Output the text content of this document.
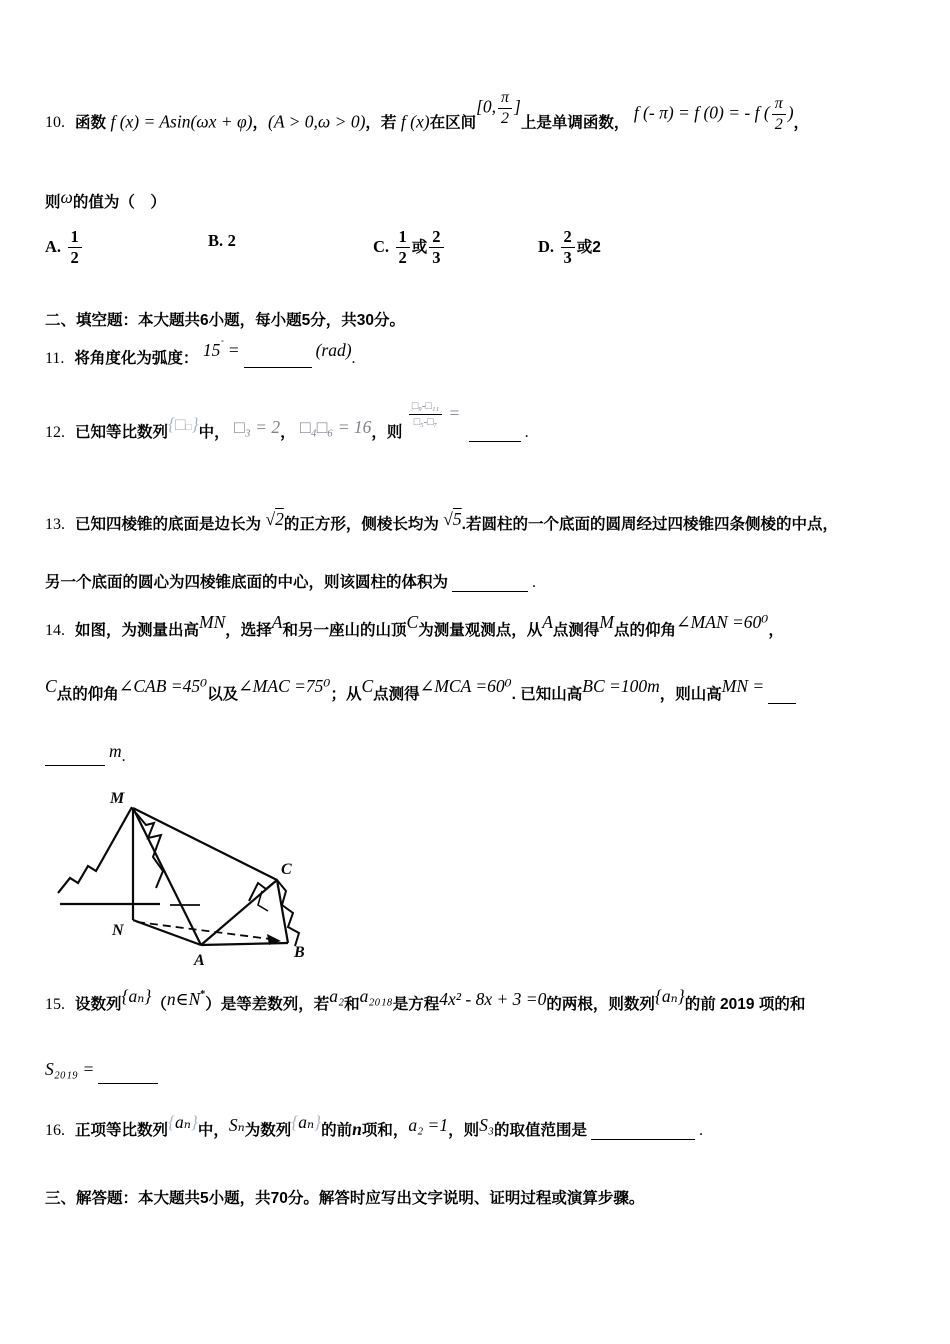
10. 函数 f (x) = Asin(ωx + φ)，(A > 0,ω > 0)，若 f (x)在区间[0, $\frac{\pi}{2}$ ]上是单调函数， f (- π) = f (0) = - f ( $\frac{\pi}{2}$ )，
则ω的值为（　）
A. $\frac{1}{2}$	B. 2	C. $\frac{1}{2}$ 或 $\frac{2}{3}$	D. $\frac{2}{3}$ 或2
二、填空题：本大题共6小题，每小题5分，共30分。
11. 将角度化为弧度： 15˚ =	(rad).
12. 已知等比数列{□□}中， □₃ = 2， □₄□₆ = 16，则
$\frac{\text{□₉-□₁₁}}{\text{□₅-□₇}}$ = .
13. 已知四棱锥的底面是边长为 √2的正方形，侧棱长均为 √5.若圆柱的一个底面的圆周经过四棱锥四条侧棱的中点，
另一个底面的圆心为四棱锥底面的中心，则该圆柱的体积为	.
14. 如图，为测量出高MN，选择A和另一座山的山顶C为测量观测点，从A点测得M点的仰角∠MAN =60⁰，
C点的仰角∠CAB =45⁰以及∠MAC =75⁰；从C点测得∠MCA =60⁰. 已知山高BC =100m，则山高MN =
m.
M
N
A	B
C
15. 设数列{aₙ}（n∈N*）是等差数列，若a₂和a₂₀₁₈是方程4x² - 8x + 3 =0的两根，则数列{aₙ}的前 2019 项的和
S₂₀₁₉ =
16. 正项等比数列{aₙ}中，Sₙ为数列{aₙ}的前n项和，a₂ =1，则S₃的取值范围是	.
三、解答题：本大题共5小题，共70分。解答时应写出文字说明、证明过程或演算步骤。
